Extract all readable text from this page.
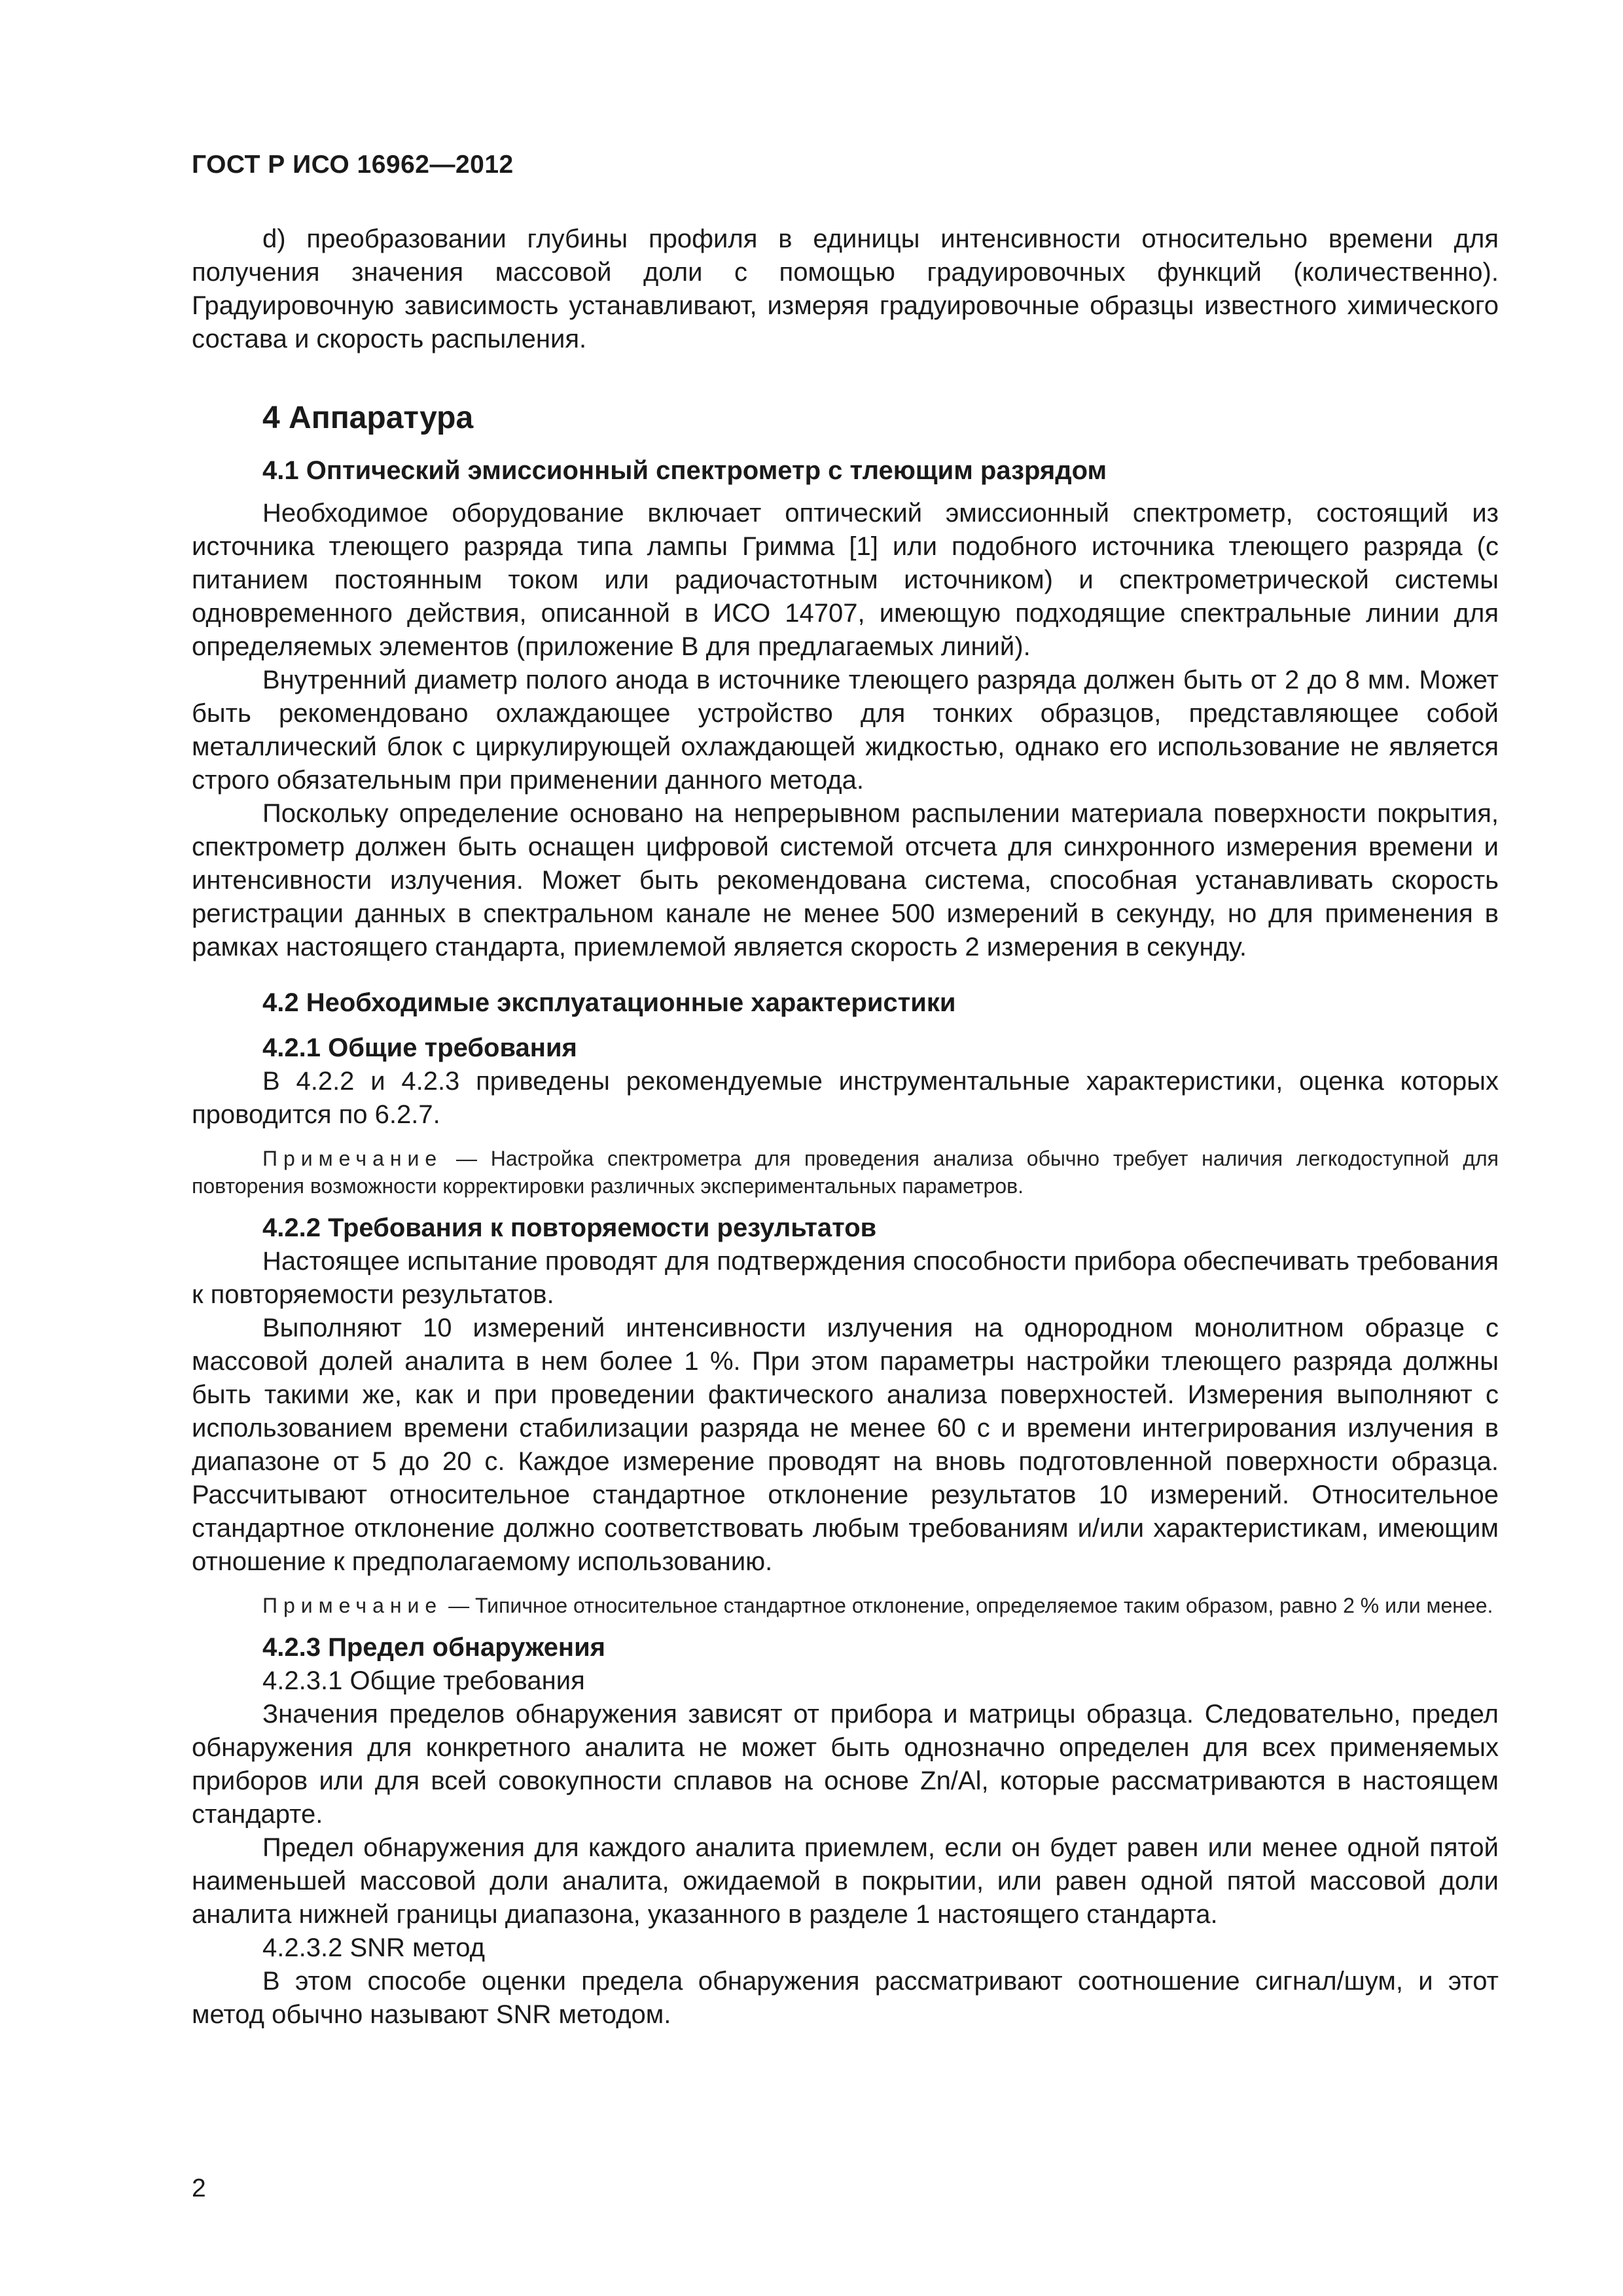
ГОСТ Р ИСО 16962—2012

d) преобразовании глубины профиля в единицы интенсивности относительно времени для получения значения массовой доли с помощью градуировочных функций (количественно). Градуировочную зависимость устанавливают, измеряя градуировочные образцы известного химического состава и скорость распыления.

4 Аппаратура
4.1 Оптический эмиссионный спектрометр с тлеющим разрядом

Необходимое оборудование включает оптический эмиссионный спектрометр, состоящий из источника тлеющего разряда типа лампы Гримма [1] или подобного источника тлеющего разряда (с питанием постоянным током или радиочастотным источником) и спектрометрической системы одновременного действия, описанной в ИСО 14707, имеющую подходящие спектральные линии для определяемых элементов (приложение В для предлагаемых линий).

Внутренний диаметр полого анода в источнике тлеющего разряда должен быть от 2 до 8 мм. Может быть рекомендовано охлаждающее устройство для тонких образцов, представляющее собой металлический блок с циркулирующей охлаждающей жидкостью, однако его использование не является строго обязательным при применении данного метода.

Поскольку определение основано на непрерывном распылении материала поверхности покрытия, спектрометр должен быть оснащен цифровой системой отсчета для синхронного измерения времени и интенсивности излучения. Может быть рекомендована система, способная устанавливать скорость регистрации данных в спектральном канале не менее 500 измерений в секунду, но для применения в рамках настоящего стандарта, приемлемой является скорость 2 измерения в секунду.

4.2 Необходимые эксплуатационные характеристики
4.2.1 Общие требования

В 4.2.2 и 4.2.3 приведены рекомендуемые инструментальные характеристики, оценка которых проводится по 6.2.7.

Примечание — Настройка спектрометра для проведения анализа обычно требует наличия легкодоступной для повторения возможности корректировки различных экспериментальных параметров.

4.2.2 Требования к повторяемости результатов

Настоящее испытание проводят для подтверждения способности прибора обеспечивать требования к повторяемости результатов.

Выполняют 10 измерений интенсивности излучения на однородном монолитном образце с массовой долей аналита в нем более 1 %. При этом параметры настройки тлеющего разряда должны быть такими же, как и при проведении фактического анализа поверхностей. Измерения выполняют с использованием времени стабилизации разряда не менее 60 с и времени интегрирования излучения в диапазоне от 5 до 20 с. Каждое измерение проводят на вновь подготовленной поверхности образца. Рассчитывают относительное стандартное отклонение результатов 10 измерений. Относительное стандартное отклонение должно соответствовать любым требованиям и/или характеристикам, имеющим отношение к предполагаемому использованию.

Примечание — Типичное относительное стандартное отклонение, определяемое таким образом, равно 2 % или менее.

4.2.3 Предел обнаружения
4.2.3.1 Общие требования

Значения пределов обнаружения зависят от прибора и матрицы образца. Следовательно, предел обнаружения для конкретного аналита не может быть однозначно определен для всех применяемых приборов или для всей совокупности сплавов на основе Zn/Al, которые рассматриваются в настоящем стандарте.

Предел обнаружения для каждого аналита приемлем, если он будет равен или менее одной пятой наименьшей массовой доли аналита, ожидаемой в покрытии, или равен одной пятой массовой доли аналита нижней границы диапазона, указанного в разделе 1 настоящего стандарта.

4.2.3.2 SNR метод

В этом способе оценки предела обнаружения рассматривают соотношение сигнал/шум, и этот метод обычно называют SNR методом.

2
